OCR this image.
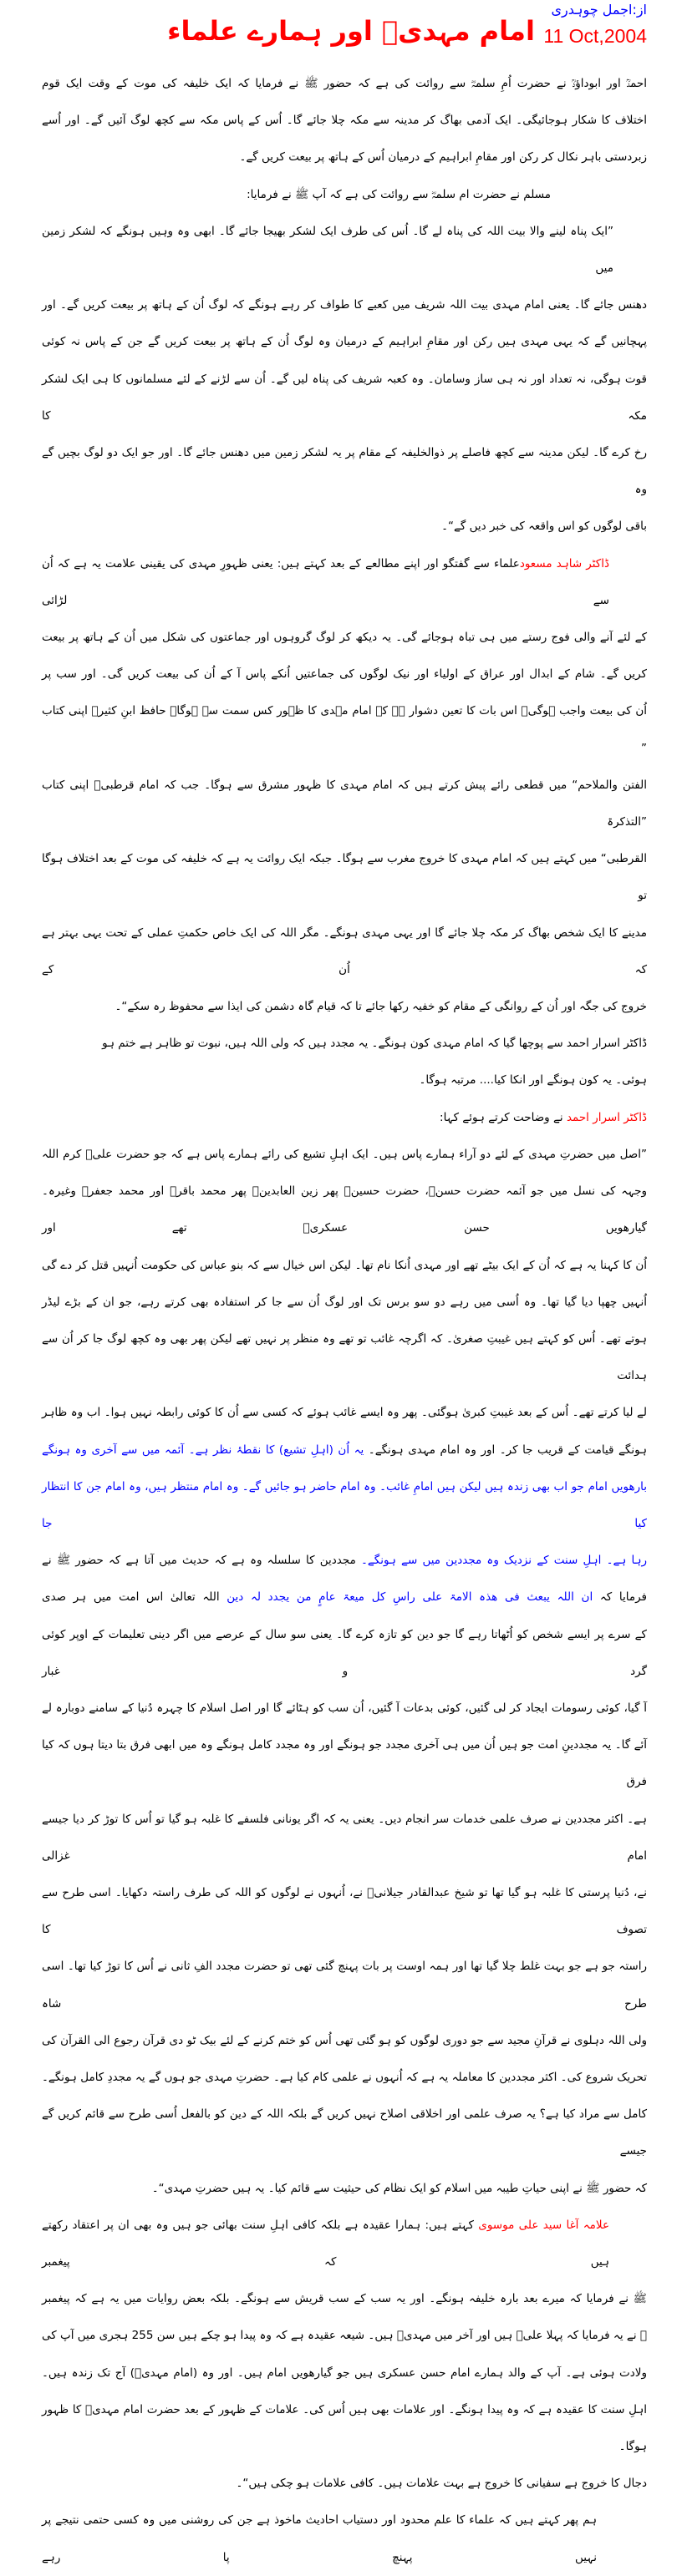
از:اجمل چوہدری
11 Oct,2004
امام مہدیؑ اور ہمارے علماء
احمدؒ اور ابوداؤدؒ نے حضرت اُمِ سلمہؓ سے روائت کی ہے کہ حضور ﷺ نے فرمایا کہ ایک خلیفہ کی موت کے وقت ایک قوم
اختلاف کا شکار ہوجائیگی۔ ایک آدمی بھاگ کر مدینہ سے مکہ چلا جائے گا۔ اُس کے پاس مکہ سے کچھ لوگ آئیں گے۔ اور اُسے
زبردستی باہر نکال کر رکن اور مقامِ ابراہیم کے درمیان اُس کے ہاتھ پر بیعت کریں گے۔
مسلم نے حضرت ام سلمہؓ سے روائت کی ہے کہ آپ ﷺ نے فرمایا:
”ایک پناہ لینے والا بیت اللہ کی پناہ لے گا۔ اُس کی طرف ایک لشکر بھیجا جائے گا۔ ابھی وہ وہیں ہونگے کہ لشکر زمین میں
دھنس جائے گا۔ یعنی امام مہدی بیت اللہ شریف میں کعبے کا طواف کر رہے ہونگے کہ لوگ اُن کے ہاتھ پر بیعت کریں گے۔ اور
پہچانیں گے کہ یہی مہدی ہیں رکن اور مقامِ ابراہیم کے درمیان وہ لوگ اُن کے ہاتھ پر بیعت کریں گے جن کے پاس نہ کوئی
قوت ہوگی، نہ تعداد اور نہ ہی ساز وسامان۔ وہ کعبہ شریف کی پناہ لیں گے۔ اُن سے لڑنے کے لئے مسلمانوں کا ہی ایک لشکر مکہ کا
رخ کرے گا۔ لیکن مدینہ سے کچھ فاصلے پر ذوالخلیفہ کے مقام پر یہ لشکر زمین میں دھنس جائے گا۔ اور جو ایک دو لوگ بچیں گے وہ
باقی لوگوں کو اس واقعہ کی خبر دیں گے“۔
ڈاکٹر شاہد مسعودعلماء سے گفتگو اور اپنے مطالعے کے بعد کہتے ہیں: یعنی ظہورِ مہدی کی یقینی علامت یہ ہے کہ اُن سے لڑائی
کے لئے آنے والی فوج رستے میں ہی تباہ ہوجائے گی۔ یہ دیکھ کر لوگ گروہوں اور جماعتوں کی شکل میں اُن کے ہاتھ پر بیعت
کریں گے۔ شام کے ابدال اور عراق کے اولیاء اور نیک لوگوں کی جماعتیں اُنکے پاس آ کے اُن کی بیعت کریں گی۔ اور سب پر
اُن کی بیعت واجب ہوگی۔ اس بات کا تعین دشوار ہے کہ امام مہدی کا ظہور کس سمت سے ہوگا۔ حافظ ابنِ کثیرؒ اپنی کتاب ”
الفتن والملاحم“ میں قطعی رائے پیش کرتے ہیں کہ امام مہدی کا ظہور مشرق سے ہوگا۔ جب کہ امام قرطبیؒ اپنی کتاب ”التذکرۃ
القرطبی“ میں کہتے ہیں کہ امام مہدی کا خروج مغرب سے ہوگا۔ جبکہ ایک روائت یہ ہے کہ خلیفہ کی موت کے بعد اختلاف ہوگا تو
مدینے کا ایک شخص بھاگ کر مکہ چلا جائے گا اور یہی مہدی ہونگے۔ مگر اللہ کی ایک خاص حکمتِ عملی کے تحت یہی بہتر ہے کہ اُن کے
خروج کی جگہ اور اُن کے روانگی کے مقام کو خفیہ رکھا جائے تا کہ قیام گاہ دشمن کی ایذا سے محفوظ رہ سکے“۔
ڈاکٹر اسرار احمد سے پوچھا گیا کہ امام مہدی کون ہونگے۔ یہ مجدد ہیں کہ ولی اللہ ہیں، نبوت تو ظاہر ہے ختم ہو
ہوئی۔ یہ کون ہونگے اور انکا کیا.... مرتبہ ہوگا۔
ڈاکٹر اسرار احمد نے وضاحت کرتے ہوئے کہا:
”اصل میں حضرتِ مہدی کے لئے دو آراء ہمارے پاس ہیں۔ ایک اہلِ تشیع کی رائے ہمارے پاس ہے کہ جو حضرت علیؑ کرم اللہ
وجہہ کی نسل میں جو آئمہ حضرت حسنؑ، حضرت حسینؑ پھر زین العابدینؑ پھر محمد باقرؑ اور محمد جعفرؑ وغیرہ۔ گیارھویں حسن عسکریؑ تھے اور
اُن کا کہنا یہ ہے کہ اُن کے ایک بیٹے تھے اور مہدی اُنکا نام تھا۔ لیکن اس خیال سے کہ بنو عباس کی حکومت اُنہیں قتل کر دے گی
اُنہیں چھپا دیا گیا تھا۔ وہ اُسی میں رہے دو سو برس تک اور لوگ اُن سے جا کر استفادہ بھی کرتے رہے، جو ان کے بڑے لیڈر
ہوتے تھے۔ اُس کو کہتے ہیں غیبتِ صغریٰ۔ کہ اگرچہ غائب تو تھے وہ منظر پر نہیں تھے لیکن پھر بھی وہ کچھ لوگ جا کر اُن سے ہدائت
لے لیا کرتے تھے۔ اُس کے بعد غیبتِ کبریٰ ہوگئی۔ پھر وہ ایسے غائب ہوئے کہ کسی سے اُن کا کوئی رابطہ نہیں ہوا۔ اب وہ ظاہر
ہونگے قیامت کے قریب جا کر۔ اور وہ امام مہدی ہونگے۔ یہ اُن (اہلِ تشیع) کا نقطۂ نظر ہے۔ آئمہ میں سے آخری وہ ہونگے
بارھویں امام جو اب بھی زندہ ہیں لیکن ہیں امامِ غائب۔ وہ امام حاضر ہو جائیں گے۔ وہ امام منتظر ہیں، وہ امام جن کا انتظار کیا جا
رہا ہے۔ اہلِ سنت کے نزدیک وہ مجددین میں سے ہونگے۔ مجددین کا سلسلہ وہ ہے کہ حدیث میں آتا ہے کہ حضور ﷺ نے
فرمایا کہ ان اللہ یبعث فی ھذہ الامۃ علی راسِ کل میعۃ عامٍ من یجدد لہ دین اللہ تعالیٰ اس امت میں ہر صدی
کے سرے پر ایسے شخص کو اُٹھاتا رہے گا جو دین کو تازہ کرے گا۔ یعنی سو سال کے عرصے میں اگر دینی تعلیمات کے اوپر کوئی گرد و غبار
آ گیا، کوئی رسومات ایجاد کر لی گئیں، کوئی بدعات آ گئیں، اُن سب کو ہٹائے گا اور اصل اسلام کا چہرہ دُنیا کے سامنے دوبارہ لے
آئے گا۔ یہ مجددینِ امت جو ہیں اُن میں ہی آخری مجدد جو ہونگے اور وہ مجدد کامل ہونگے وہ میں ابھی فرق بتا دیتا ہوں کہ کیا فرق
ہے۔ اکثر مجددین نے صرف علمی خدمات سر انجام دیں۔ یعنی یہ کہ اگر یونانی فلسفے کا غلبہ ہو گیا تو اُس کا توڑ کر دیا جیسے امام غزالی
نے، دُنیا پرستی کا غلبہ ہو گیا تھا تو شیخ عبدالقادر جیلانیؒ نے، اُنہوں نے لوگوں کو اللہ کی طرف راستہ دکھایا۔ اسی طرح سے تصوف کا
راستہ جو ہے جو بہت غلط چلا گیا تھا اور ہمہ اوست پر بات پہنچ گئی تھی تو حضرت مجدد الفِ ثانی نے اُس کا توڑ کیا تھا۔ اسی طرح شاہ
ولی اللہ دہلوی نے قرآنِ مجید سے جو دوری لوگوں کو ہو گئی تھی اُس کو ختم کرنے کے لئے بیک ٹو دی قرآن رجوع الی القرآن کی
تحریک شروع کی۔ اکثر مجددین کا معاملہ یہ ہے کہ اُنہوں نے علمی کام کیا ہے۔ حضرتِ مہدی جو ہوں گے یہ مجددِ کامل ہونگے۔
کامل سے مراد کیا ہے؟ یہ صرف علمی اور اخلاقی اصلاح نہیں کریں گے بلکہ اللہ کے دین کو بالفعل اُسی طرح سے قائم کریں گے جیسے
کہ حضور ﷺ نے اپنی حیاتِ طیبہ میں اسلام کو ایک نظام کی حیثیت سے قائم کیا۔ یہ ہیں حضرتِ مہدی“۔
علامہ آغا سید علی موسوی کہتے ہیں: ہمارا عقیدہ ہے بلکہ کافی اہلِ سنت بھائی جو ہیں وہ بھی ان پر اعتقاد رکھتے ہیں کہ پیغمبر
ﷺ نے فرمایا کہ میرے بعد بارہ خلیفہ ہونگے۔ اور یہ سب کے سب قریش سے ہونگے۔ بلکہ بعض روایات میں یہ ہے کہ پیغمبر
ﷺ نے یہ فرمایا کہ پہلا علیؑ ہیں اور آخر میں مہدیؑ ہیں۔ شیعہ عقیدہ ہے کہ وہ پیدا ہو چکے ہیں سن 255 ہجری میں آپ کی
ولادت ہوئی ہے۔ آپ کے والد ہمارے امام حسن عسکری ہیں جو گیارھویں امام ہیں۔ اور وہ (امام مہدیؑ) آج تک زندہ ہیں۔
اہلِ سنت کا عقیدہ ہے کہ وہ پیدا ہونگے۔ اور علامات بھی ہیں اُس کی۔ علامات کے ظہور کے بعد حضرت امام مہدیؑ کا ظہور ہوگا۔
دجال کا خروج ہے سفیانی کا خروج ہے بہت علامات ہیں۔ کافی علامات ہو چکی ہیں“۔
ہم پھر کہتے ہیں کہ علماء کا علم محدود اور دستیاب احادیث ماخوذ ہے جن کی روشنی میں وہ کسی حتمی نتیجے پر نہیں پہنچ پا رہے
